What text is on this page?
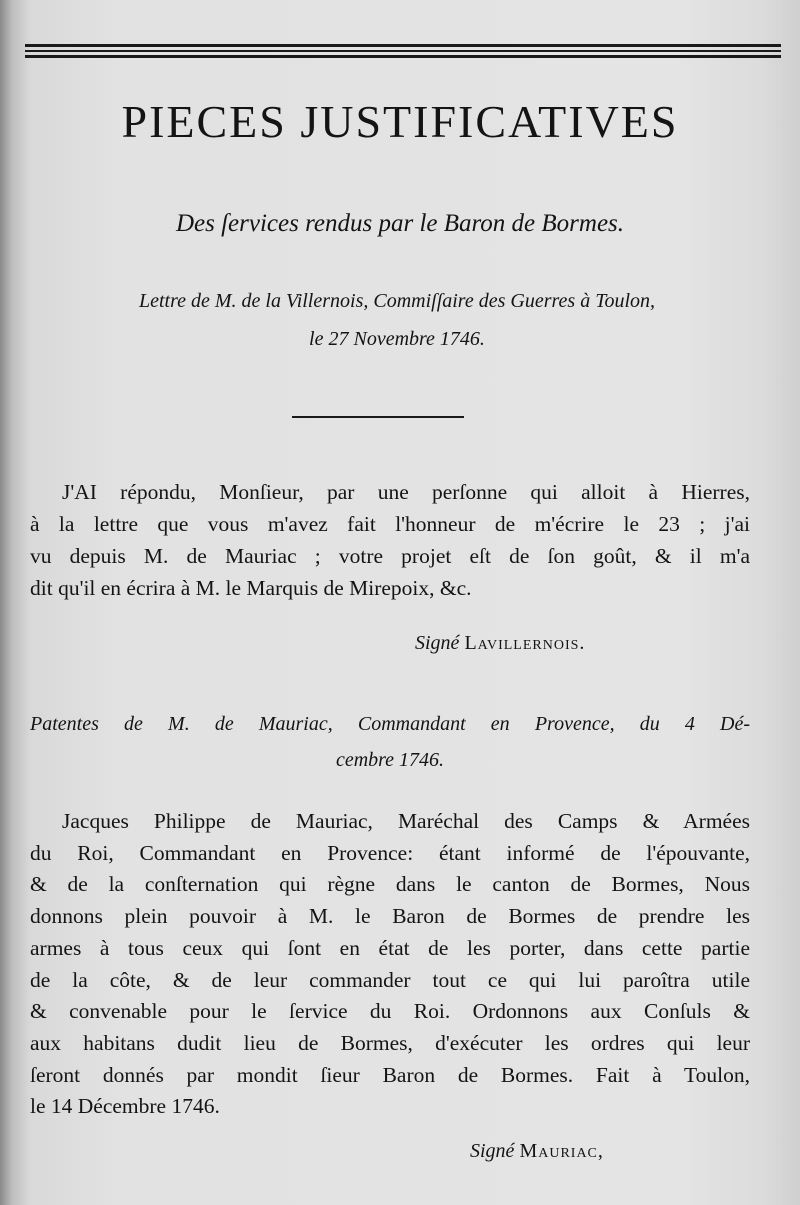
PIECES JUSTIFICATIVES
Des ſervices rendus par le Baron de Bormes.
Lettre de M. de la Villernois, Commiſſaire des Guerres à Toulon,
le 27 Novembre 1746.
J'AI répondu, Monſieur, par une perſonne qui alloit à Hierres,
à la lettre que vous m'avez fait l'honneur de m'écrire le 23 ; j'ai
vu depuis M. de Mauriac ; votre projet eſt de ſon goût, & il m'a
dit qu'il en écrira à M. le Marquis de Mirepoix, &c.
Signé Lavillernois.
Patentes de M. de Mauriac, Commandant en Provence, du 4 Dé-
cembre 1746.
Jacques Philippe de Mauriac, Maréchal des Camps & Armées
du Roi, Commandant en Provence: étant informé de l'épouvante,
& de la conſternation qui règne dans le canton de Bormes, Nous
donnons plein pouvoir à M. le Baron de Bormes de prendre les
armes à tous ceux qui ſont en état de les porter, dans cette partie
de la côte, & de leur commander tout ce qui lui paroîtra utile
& convenable pour le ſervice du Roi. Ordonnons aux Conſuls &
aux habitans dudit lieu de Bormes, d'exécuter les ordres qui leur
ſeront donnés par mondit ſieur Baron de Bormes. Fait à Toulon,
le 14 Décembre 1746.
Signé Mauriac,
